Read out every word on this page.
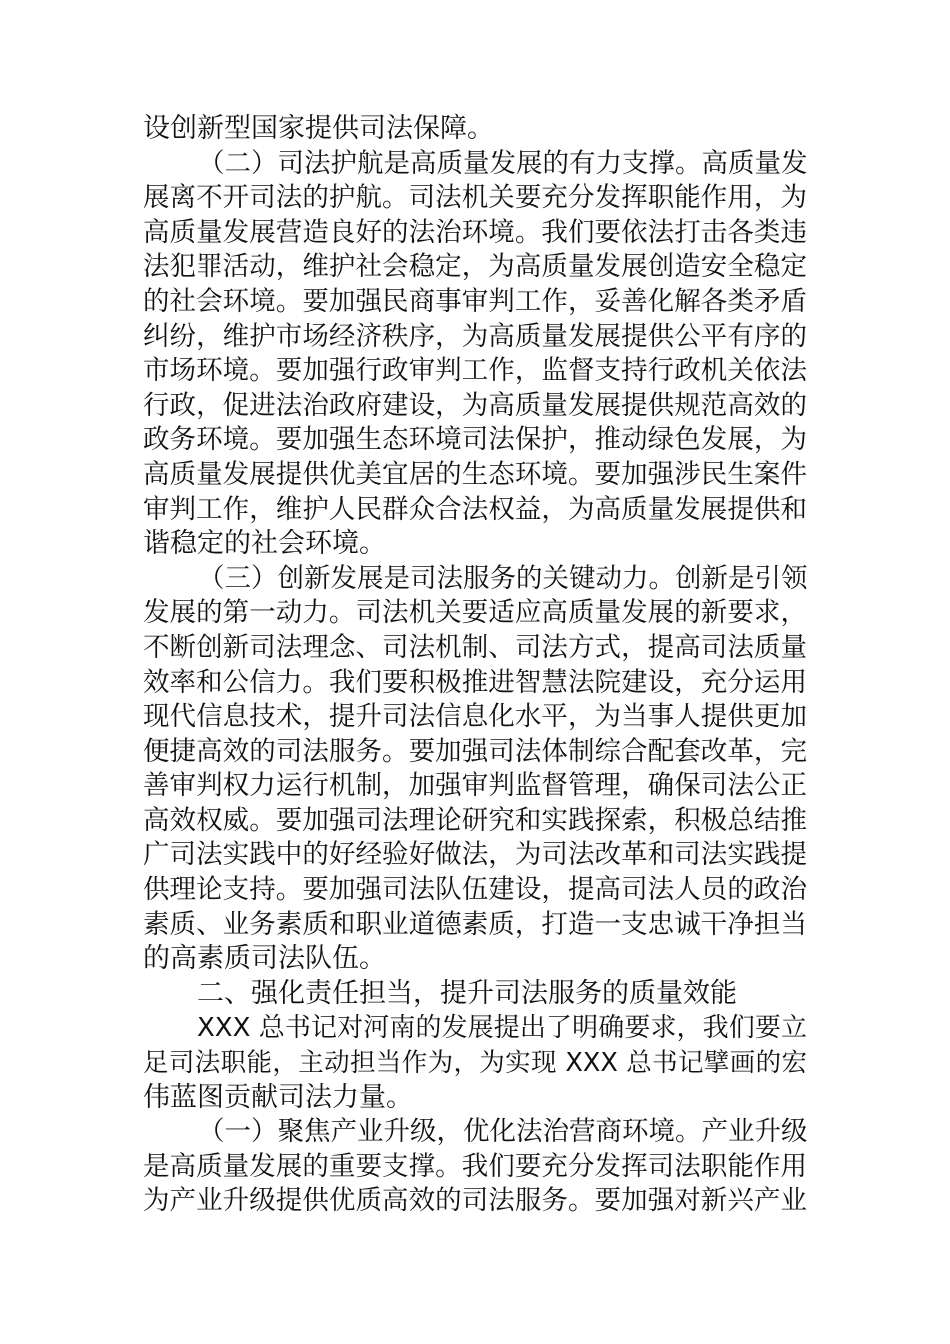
设创新型国家提供司法保障。
（二）司法护航是高质量发展的有力支撑。高质量发
展离不开司法的护航。司法机关要充分发挥职能作用，为
高质量发展营造良好的法治环境。我们要依法打击各类违
法犯罪活动，维护社会稳定，为高质量发展创造安全稳定
的社会环境。要加强民商事审判工作，妥善化解各类矛盾
纠纷，维护市场经济秩序，为高质量发展提供公平有序的
市场环境。要加强行政审判工作，监督支持行政机关依法
行政，促进法治政府建设，为高质量发展提供规范高效的
政务环境。要加强生态环境司法保护，推动绿色发展，为
高质量发展提供优美宜居的生态环境。要加强涉民生案件
审判工作，维护人民群众合法权益，为高质量发展提供和
谐稳定的社会环境。
（三）创新发展是司法服务的关键动力。创新是引领
发展的第一动力。司法机关要适应高质量发展的新要求，
不断创新司法理念、司法机制、司法方式，提高司法质量
效率和公信力。我们要积极推进智慧法院建设，充分运用
现代信息技术，提升司法信息化水平，为当事人提供更加
便捷高效的司法服务。要加强司法体制综合配套改革，完
善审判权力运行机制，加强审判监督管理，确保司法公正
高效权威。要加强司法理论研究和实践探索，积极总结推
广司法实践中的好经验好做法，为司法改革和司法实践提
供理论支持。要加强司法队伍建设，提高司法人员的政治
素质、业务素质和职业道德素质，打造一支忠诚干净担当
的高素质司法队伍。
二、强化责任担当，提升司法服务的质量效能
XXX 总书记对河南的发展提出了明确要求，我们要立
足司法职能，主动担当作为，为实现 XXX 总书记擘画的宏
伟蓝图贡献司法力量。
（一）聚焦产业升级，优化法治营商环境。产业升级
是高质量发展的重要支撑。我们要充分发挥司法职能作用
为产业升级提供优质高效的司法服务。要加强对新兴产业
